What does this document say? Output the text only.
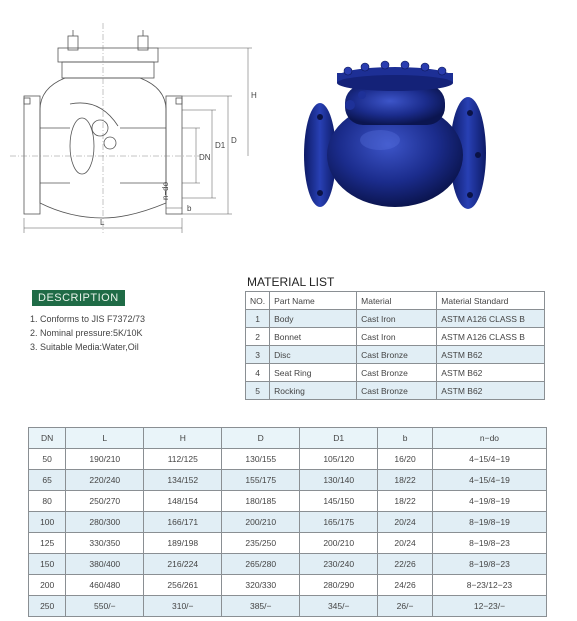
H
D
D1
DN
L
b
n−do
DESCRIPTION
1. Conforms to JIS F7372/73
2. Nominal pressure:5K/10K
3. Suitable Media:Water,Oil
MATERIAL LIST
NO.	Part Name	Material	Material Standard
1	Body	Cast Iron	ASTM A126 CLASS B
2	Bonnet	Cast Iron	ASTM A126 CLASS B
3	Disc	Cast Bronze	ASTM B62
4	Seat Ring	Cast Bronze	ASTM B62
5	Rocking	Cast Bronze	ASTM B62
DN	L	H	D	D1	b	n−do
50	190/210	112/125	130/155	105/120	16/20	4−15/4−19
65	220/240	134/152	155/175	130/140	18/22	4−15/4−19
80	250/270	148/154	180/185	145/150	18/22	4−19/8−19
100	280/300	166/171	200/210	165/175	20/24	8−19/8−19
125	330/350	189/198	235/250	200/210	20/24	8−19/8−23
150	380/400	216/224	265/280	230/240	22/26	8−19/8−23
200	460/480	256/261	320/330	280/290	24/26	8−23/12−23
250	550/−	310/−	385/−	345/−	26/−	12−23/−
